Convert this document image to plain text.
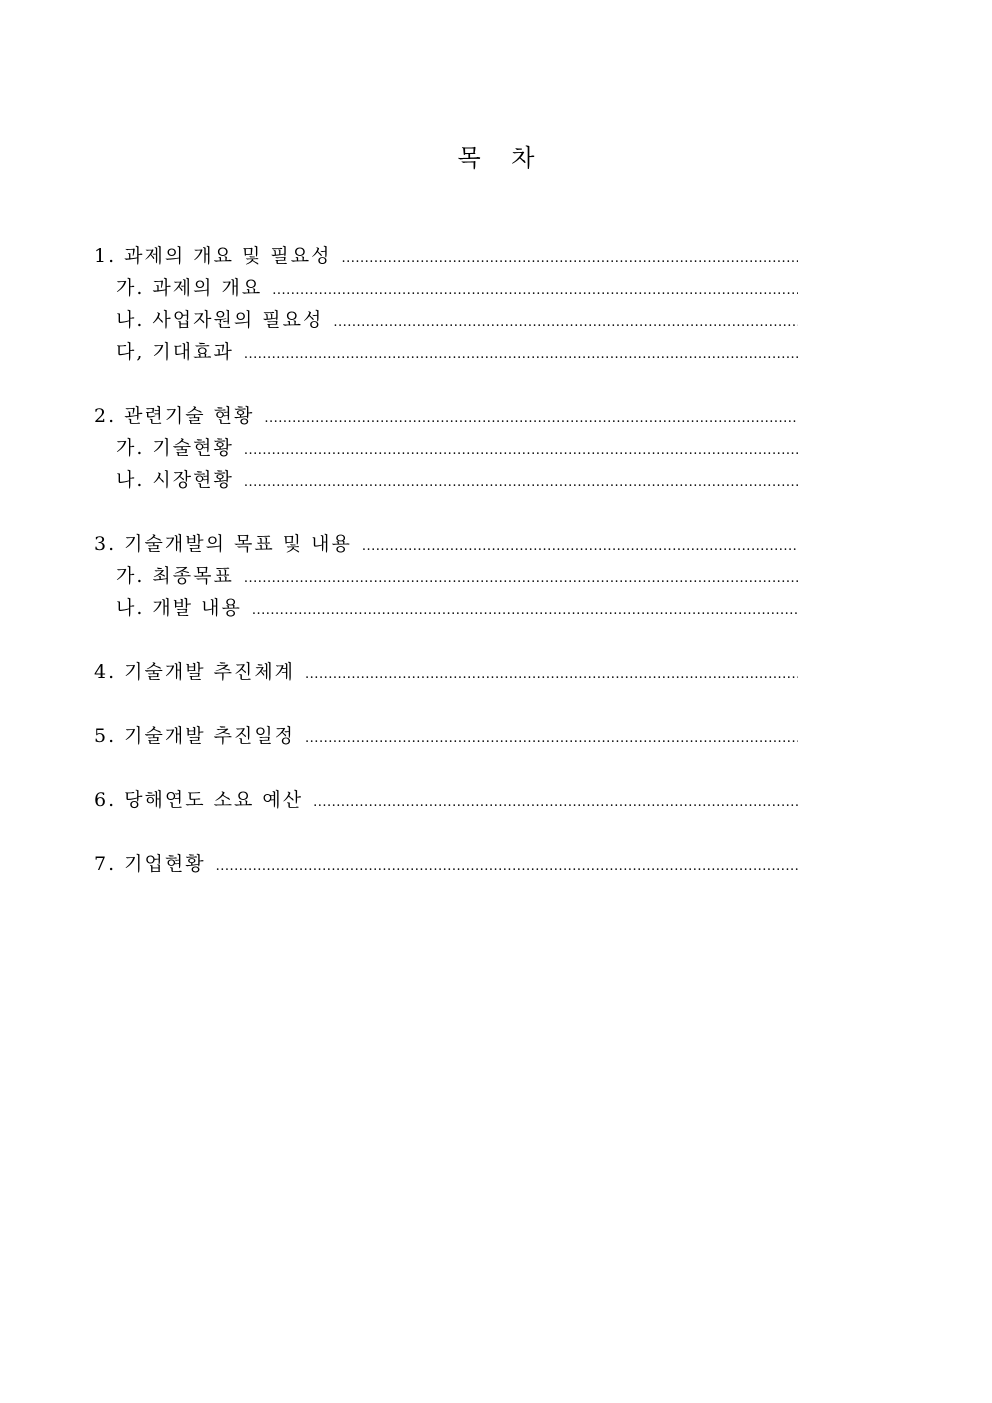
목    차
1. 과제의 개요 및 필요성
.....
가. 과제의 개요
.....
나. 사업자원의 필요성
.....
다, 기대효과
.....
2. 관련기술 현황
.....
가. 기술현황
.....
나. 시장현황
.....
3. 기술개발의 목표 및 내용
.....
가. 최종목표
.....
나. 개발 내용
.....
4. 기술개발 추진체계
.....
5. 기술개발 추진일정
.....
6. 당해연도 소요 예산
.....
7. 기업현황
.....
